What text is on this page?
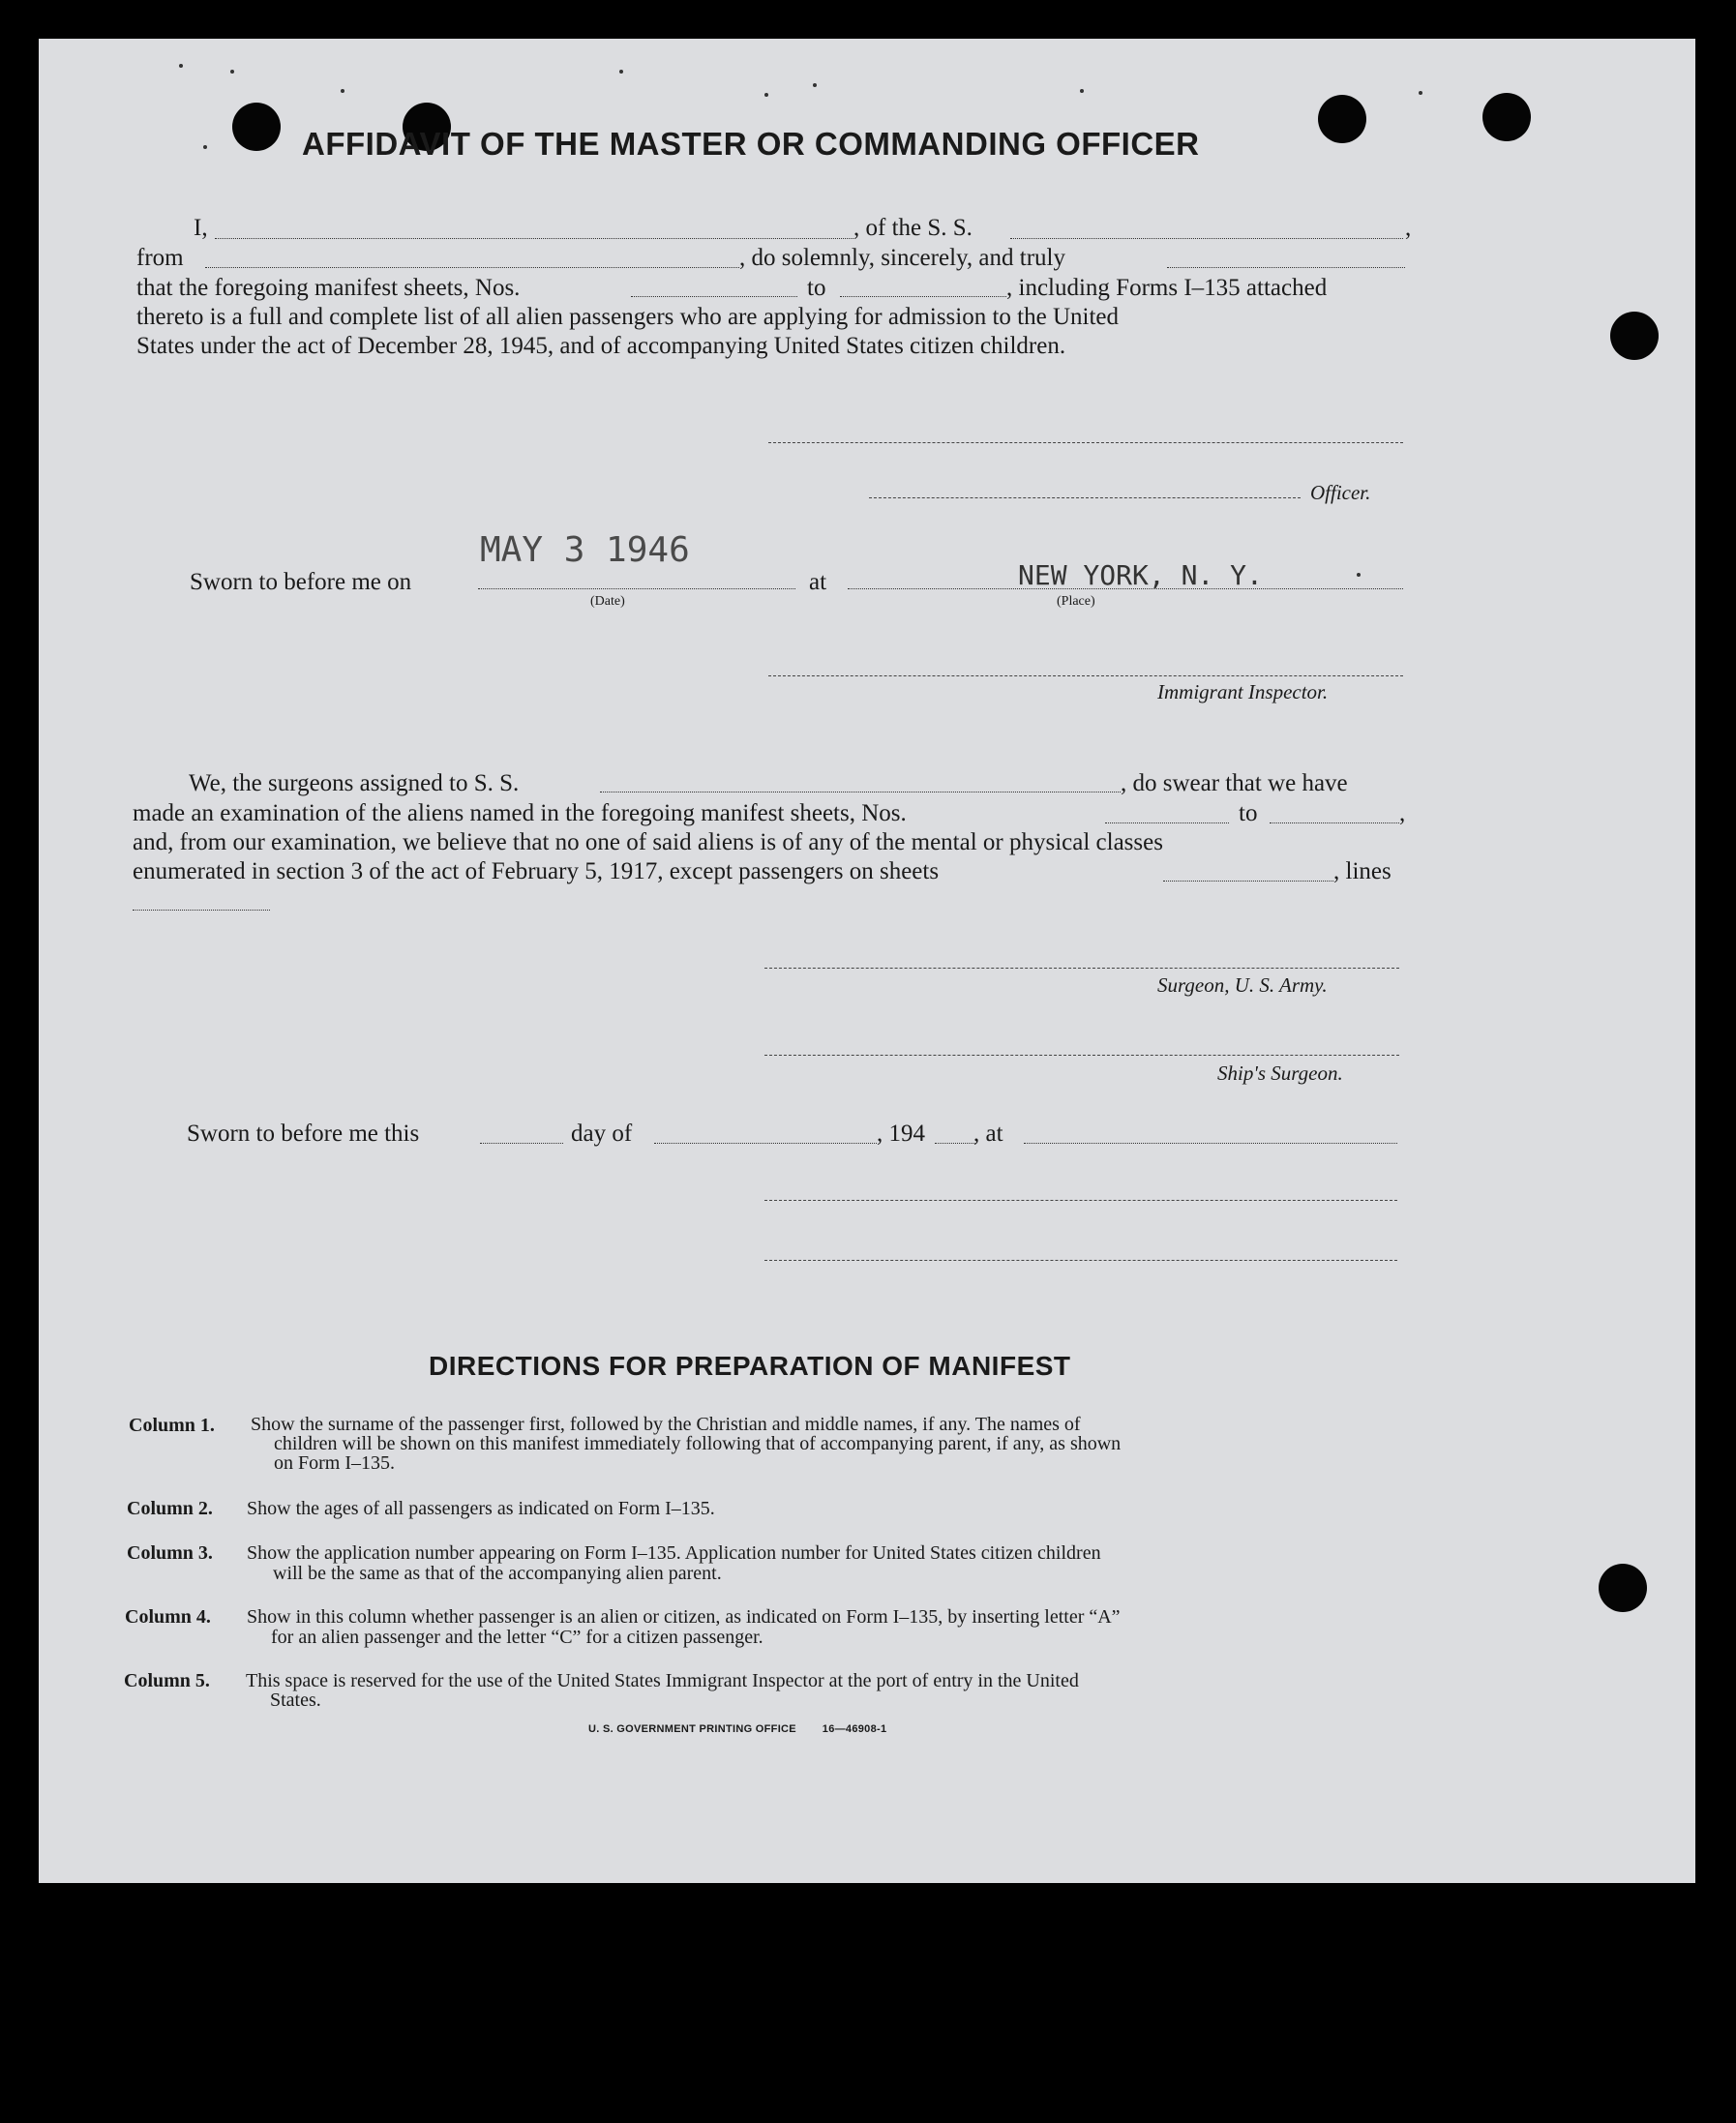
AFFIDAVIT OF THE MASTER OR COMMANDING OFFICER
I,	, of the S. S.	,
from	, do solemnly, sincerely, and truly
that the foregoing manifest sheets, Nos.	to	, including Forms I–135 attached
thereto is a full and complete list of all alien passengers who are applying for admission to the United
States under the act of December 28, 1945, and of accompanying United States citizen children.
Officer.
Sworn to before me on
MAY 3 1946
(Date)
at	NEW YORK, N. Y.
(Place)
Immigrant Inspector.
We, the surgeons assigned to S. S.	, do swear that we have
made an examination of the aliens named in the foregoing manifest sheets, Nos.	to	,
and, from our examination, we believe that no one of said aliens is of any of the mental or physical classes
enumerated in section 3 of the act of February 5, 1917, except passengers on sheets	, lines
Surgeon, U. S. Army.
Ship's Surgeon.
Sworn to before me this	day of	, 194 , at
DIRECTIONS FOR PREPARATION OF MANIFEST
Column 1. Show the surname of the passenger first, followed by the Christian and middle names, if any. The names of
children will be shown on this manifest immediately following that of accompanying parent, if any, as shown
on Form I–135.
Column 2. Show the ages of all passengers as indicated on Form I–135.
Column 3. Show the application number appearing on Form I–135. Application number for United States citizen children
will be the same as that of the accompanying alien parent.
Column 4. Show in this column whether passenger is an alien or citizen, as indicated on Form I–135, by inserting letter “A”
for an alien passenger and the letter “C” for a citizen passenger.
Column 5. This space is reserved for the use of the United States Immigrant Inspector at the port of entry in the United
States.
U. S. GOVERNMENT PRINTING OFFICE        16—46908-1
